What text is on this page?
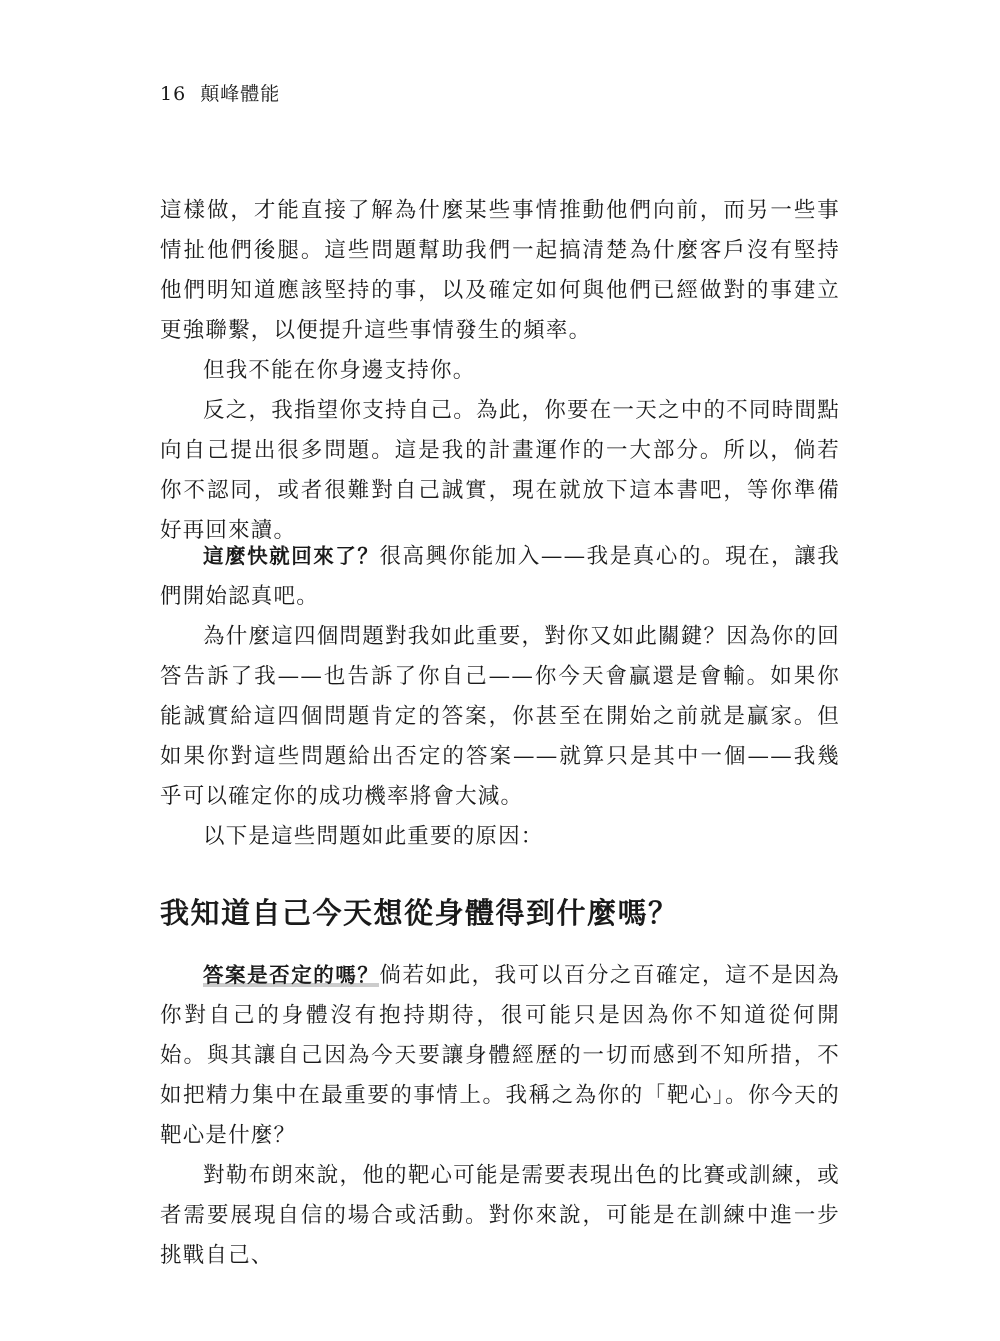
16 顛峰體能

這樣做，才能直接了解為什麼某些事情推動他們向前，而另一些事情扯他們後腿。這些問題幫助我們一起搞清楚為什麼客戶沒有堅持他們明知道應該堅持的事，以及確定如何與他們已經做對的事建立更強聯繫，以便提升這些事情發生的頻率。

但我不能在你身邊支持你。

反之，我指望你支持自己。為此，你要在一天之中的不同時間點向自己提出很多問題。這是我的計畫運作的一大部分。所以，倘若你不認同，或者很難對自己誠實，現在就放下這本書吧，等你準備好再回來讀。

這麼快就回來了？很高興你能加入——我是真心的。現在，讓我們開始認真吧。

為什麼這四個問題對我如此重要，對你又如此關鍵？因為你的回答告訴了我——也告訴了你自己——你今天會贏還是會輸。如果你能誠實給這四個問題肯定的答案，你甚至在開始之前就是贏家。但如果你對這些問題給出否定的答案——就算只是其中一個——我幾乎可以確定你的成功機率將會大減。

以下是這些問題如此重要的原因：

我知道自己今天想從身體得到什麼嗎？

答案是否定的嗎？倘若如此，我可以百分之百確定，這不是因為你對自己的身體沒有抱持期待，很可能只是因為你不知道從何開始。與其讓自己因為今天要讓身體經歷的一切而感到不知所措，不如把精力集中在最重要的事情上。我稱之為你的「靶心」。你今天的靶心是什麼？

對勒布朗來說，他的靶心可能是需要表現出色的比賽或訓練，或者需要展現自信的場合或活動。對你來說，可能是在訓練中進一步挑戰自己、
